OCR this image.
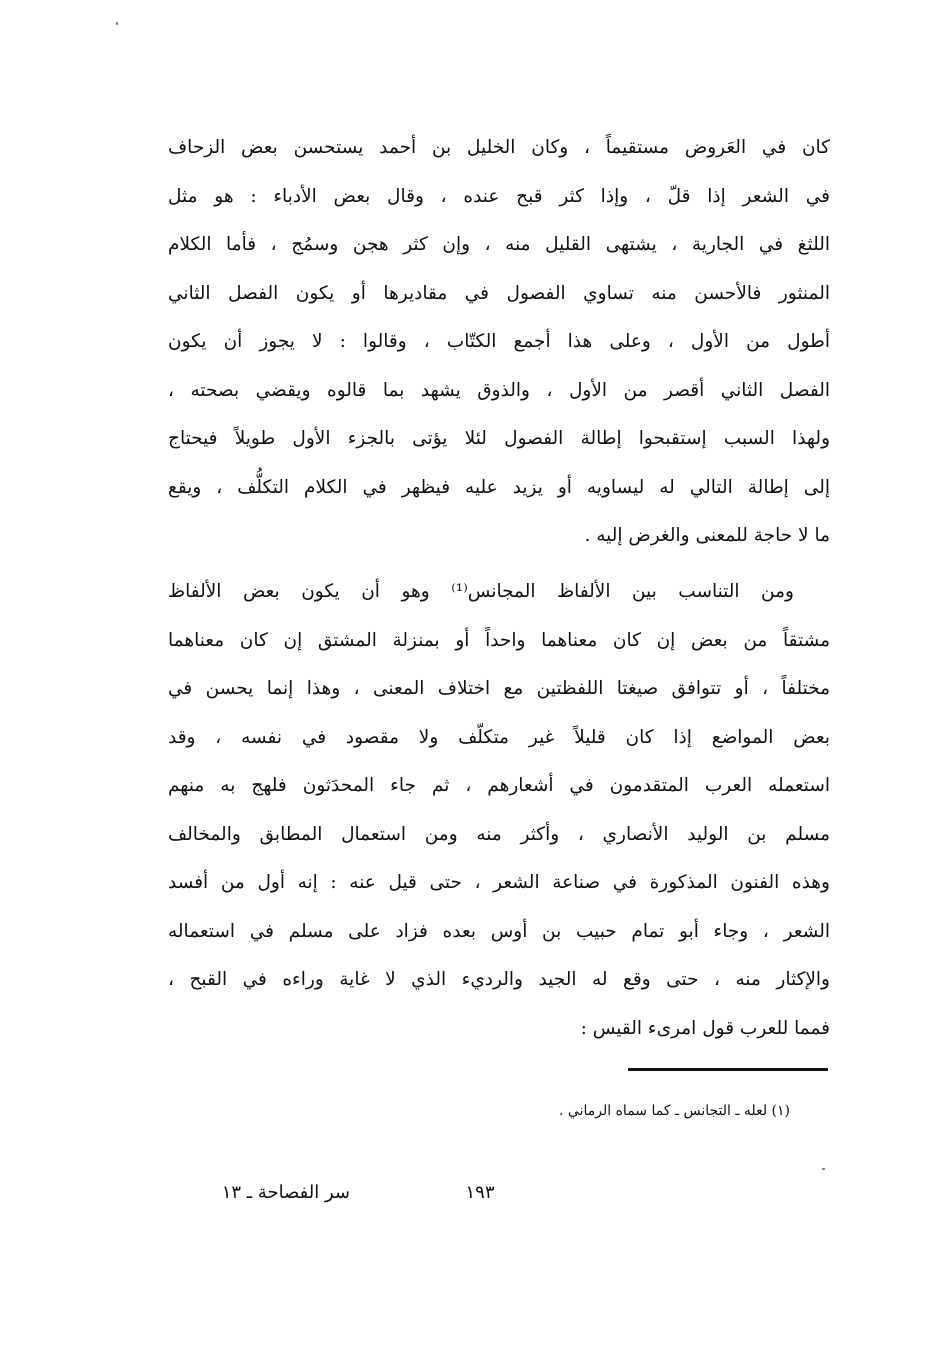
كان في العَروض مستقيماً ، وكان الخليل بن أحمد يستحسن بعض الزحاف
في الشعر إذا قلّ ، وإذا كثر قبح عنده ، وقال بعض الأدباء : هو مثل
اللثغ في الجارية ، يشتهى القليل منه ، وإن كثر هجن وسمُج ، فأما الكلام
المنثور فالأحسن منه تساوي الفصول في مقاديرها أو يكون الفصل الثاني
أطول من الأول ، وعلى هذا أجمع الكتّاب ، وقالوا : لا يجوز أن يكون
الفصل الثاني أقصر من الأول ، والذوق يشهد بما قالوه ويقضي بصحته ،
ولهذا السبب إستقبحوا إطالة الفصول لئلا يؤتى بالجزء الأول طويلاً فيحتاج
إلى إطالة التالي له ليساويه أو يزيد عليه فيظهر في الكلام التكلُّف ، ويقع
ما لا حاجة للمعنى والغرض إليه .
ومن التناسب بين الألفاظ المجانس⁽¹⁾ وهو أن يكون بعض الألفاظ
مشتقاً من بعض إن كان معناهما واحداً أو بمنزلة المشتق إن كان معناهما
مختلفاً ، أو تتوافق صيغتا اللفظتين مع اختلاف المعنى ، وهذا إنما يحسن في
بعض المواضع إذا كان قليلاً غير متكلّف ولا مقصود في نفسه ، وقد
استعمله العرب المتقدمون في أشعارهم ، ثم جاء المحدَثون فلهج به منهم
مسلم بن الوليد الأنصاري ، وأكثر منه ومن استعمال المطابق والمخالف
وهذه الفنون المذكورة في صناعة الشعر ، حتى قيل عنه : إنه أول من أفسد
الشعر ، وجاء أبو تمام حبيب بن أوس بعده فزاد على مسلم في استعماله
والإكثار منه ، حتى وقع له الجيد والرديء الذي لا غاية وراءه في القبح ،
فمما للعرب قول امرىء القيس :
(١) لعله ـ التجانس ـ كما سماه الرماني .
١٩٣
سر الفصاحة ـ ١٣
